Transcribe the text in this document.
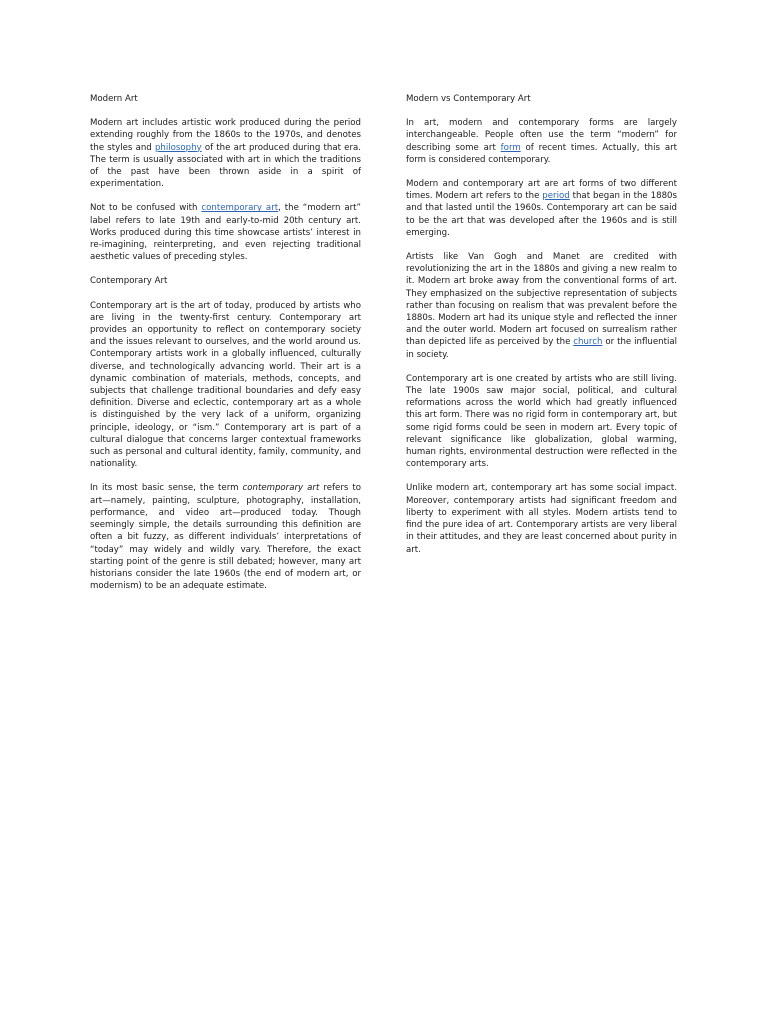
Modern Art

Modern art includes artistic work produced during the period extending roughly from the 1860s to the 1970s, and denotes the styles and philosophy of the art produced during that era. The term is usually associated with art in which the traditions of the past have been thrown aside in a spirit of experimentation.

Not to be confused with contemporary art, the “modern art” label refers to late 19th and early-to-mid 20th century art. Works produced during this time showcase artists’ interest in re-imagining, reinterpreting, and even rejecting traditional aesthetic values of preceding styles.

Contemporary Art

Contemporary art is the art of today, produced by artists who are living in the twenty-first century. Contemporary art provides an opportunity to reflect on contemporary society and the issues relevant to ourselves, and the world around us. Contemporary artists work in a globally influenced, culturally diverse, and technologically advancing world. Their art is a dynamic combination of materials, methods, concepts, and subjects that challenge traditional boundaries and defy easy definition. Diverse and eclectic, contemporary art as a whole is distinguished by the very lack of a uniform, organizing principle, ideology, or “ism.” Contemporary art is part of a cultural dialogue that concerns larger contextual frameworks such as personal and cultural identity, family, community, and nationality.

In its most basic sense, the term contemporary art refers to art—namely, painting, sculpture, photography, installation, performance, and video art—produced today. Though seemingly simple, the details surrounding this definition are often a bit fuzzy, as different individuals’ interpretations of “today” may widely and wildly vary. Therefore, the exact starting point of the genre is still debated; however, many art historians consider the late 1960s (the end of modern art, or modernism) to be an adequate estimate.

Modern vs Contemporary Art

In art, modern and contemporary forms are largely interchangeable. People often use the term “modern” for describing some art form of recent times. Actually, this art form is considered contemporary.

Modern and contemporary art are art forms of two different times. Modern art refers to the period that began in the 1880s and that lasted until the 1960s. Contemporary art can be said to be the art that was developed after the 1960s and is still emerging.

Artists like Van Gogh and Manet are credited with revolutionizing the art in the 1880s and giving a new realm to it. Modern art broke away from the conventional forms of art. They emphasized on the subjective representation of subjects rather than focusing on realism that was prevalent before the 1880s. Modern art had its unique style and reflected the inner and the outer world. Modern art focused on surrealism rather than depicted life as perceived by the church or the influential in society.

Contemporary art is one created by artists who are still living. The late 1900s saw major social, political, and cultural reformations across the world which had greatly influenced this art form. There was no rigid form in contemporary art, but some rigid forms could be seen in modern art. Every topic of relevant significance like globalization, global warming, human rights, environmental destruction were reflected in the contemporary arts.

Unlike modern art, contemporary art has some social impact. Moreover, contemporary artists had significant freedom and liberty to experiment with all styles. Modern artists tend to find the pure idea of art. Contemporary artists are very liberal in their attitudes, and they are least concerned about purity in art.
